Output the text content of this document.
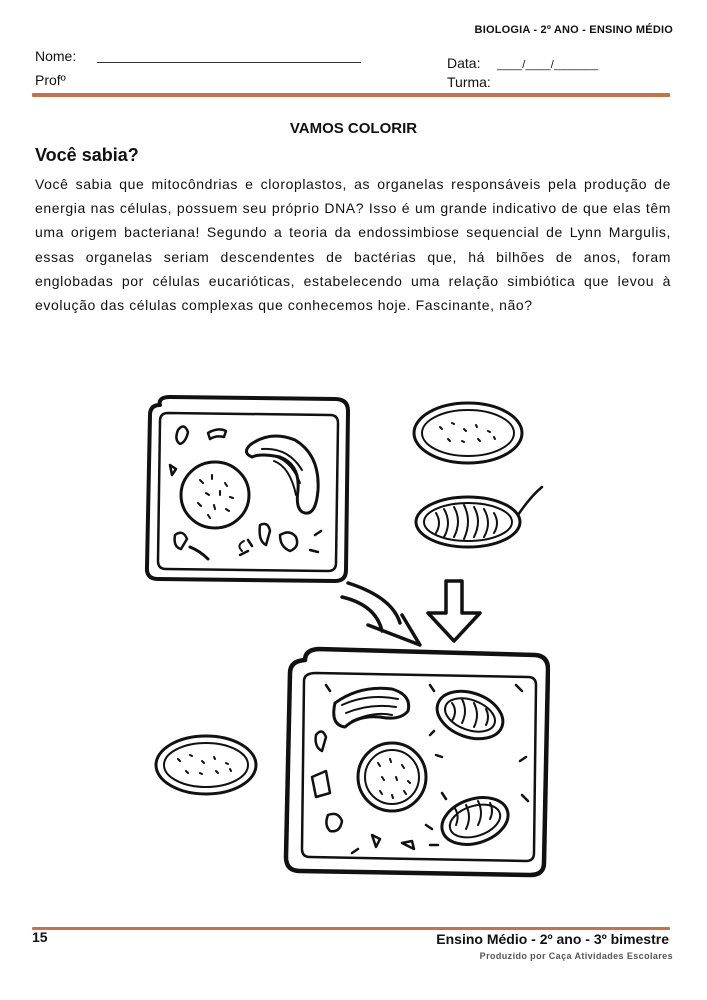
BIOLOGIA - 2º ANO - ENSINO MÉDIO
Nome:
Profº
Data: ____/____/_______
Turma:
VAMOS COLORIR
Você sabia?
Você sabia que mitocôndrias e cloroplastos, as organelas responsáveis pela produção de energia nas células, possuem seu próprio DNA? Isso é um grande indicativo de que elas têm uma origem bacteriana! Segundo a teoria da endossimbiose sequencial de Lynn Margulis, essas organelas seriam descendentes de bactérias que, há bilhões de anos, foram englobadas por células eucarióticas, estabelecendo uma relação simbiótica que levou à evolução das células complexas que conhecemos hoje. Fascinante, não?
15	Ensino Médio - 2º ano - 3º bimestre
Produzido por Caça Atividades Escolares
